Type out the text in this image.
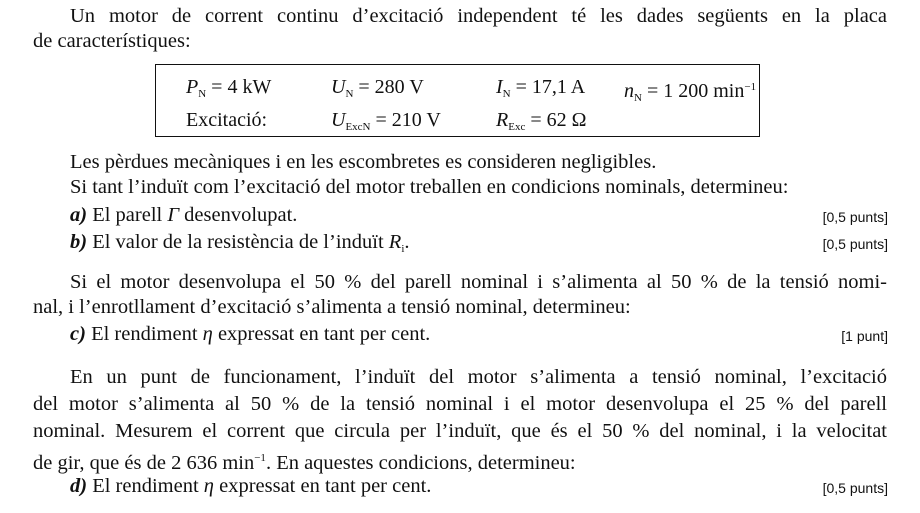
Un motor de corrent continu d’excitació independent té les dades següents en la placa
de característiques:
$P_N = 4$ kW	$U_N = 280$ V	$I_N = 17,1$ A $n_N = 1$ 200 $\min^{-1}$
Excitació:	$U_{ExcN} = 210$ V	$R_{Exc} = 62$ Ω
Les pèrdues mecàniques i en les escombretes es consideren negligibles.
Si tant l’induït com l’excitació del motor treballen en condicions nominals, determineu:
a) El parell Γ desenvolupat.	[0,5 punts]
b) El valor de la resistència de l’induït $R_i$.	[0,5 punts]
Si el motor desenvolupa el 50 % del parell nominal i s’alimenta al 50 % de la tensió nomi-
nal, i l’enrotllament d’excitació s’alimenta a tensió nominal, determineu:
c) El rendiment η expressat en tant per cent.	[1 punt]
En un punt de funcionament, l’induït del motor s’alimenta a tensió nominal, l’excitació
del motor s’alimenta al 50 % de la tensió nominal i el motor desenvolupa el 25 % del parell
nominal. Mesurem el corrent que circula per l’induït, que és el 50 % del nominal, i la velocitat
de gir, que és de 2 636 $\min^{-1}$. En aquestes condicions, determineu:
d) El rendiment η expressat en tant per cent.	[0,5 punts]
